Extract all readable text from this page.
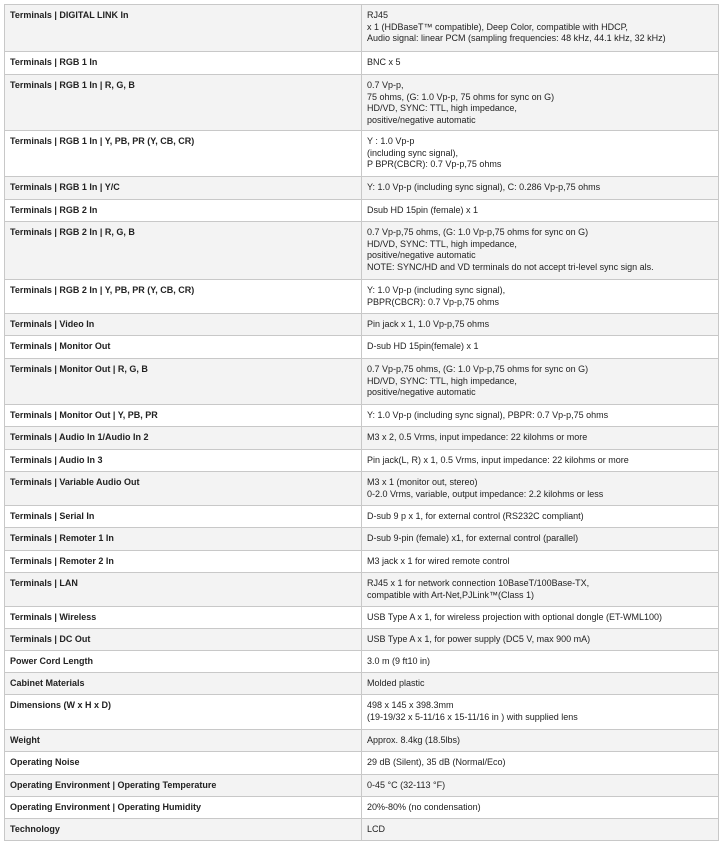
Terminals | DIGITAL LINK In	RJ45
x 1 (HDBaseT™ compatible), Deep Color, compatible with HDCP,
Audio signal: linear PCM (sampling frequencies: 48 kHz, 44.1 kHz, 32 kHz)

Terminals | RGB 1 In	BNC x 5

Terminals | RGB 1 In | R, G, B	0.7 Vp-p,
75 ohms, (G: 1.0 Vp-p, 75 ohms for sync on G)
HD/VD, SYNC: TTL, high impedance,
positive/negative automatic

Terminals | RGB 1 In | Y, PB, PR (Y, CB, CR)	Y : 1.0 Vp-p
(including sync signal),
P BPR(CBCR): 0.7 Vp-p,75 ohms

Terminals | RGB 1 In | Y/C	Y: 1.0 Vp-p (including sync signal), C: 0.286 Vp-p,75 ohms

Terminals | RGB 2 In	Dsub HD 15pin (female) x 1

Terminals | RGB 2 In | R, G, B	0.7 Vp-p,75 ohms, (G: 1.0 Vp-p,75 ohms for sync on G)
HD/VD, SYNC: TTL, high impedance,
positive/negative automatic
NOTE: SYNC/HD and VD terminals do not accept tri-level sync sign als.

Terminals | RGB 2 In | Y, PB, PR (Y, CB, CR)	Y: 1.0 Vp-p (including sync signal),
PBPR(CBCR): 0.7 Vp-p,75 ohms

Terminals | Video In	Pin jack x 1, 1.0 Vp-p,75 ohms

Terminals | Monitor Out	D-sub HD 15pin(female) x 1

Terminals | Monitor Out | R, G, B	0.7 Vp-p,75 ohms, (G: 1.0 Vp-p,75 ohms for sync on G)
HD/VD, SYNC: TTL, high impedance,
positive/negative automatic

Terminals | Monitor Out | Y, PB, PR	Y: 1.0 Vp-p (including sync signal), PBPR: 0.7 Vp-p,75 ohms

Terminals | Audio In 1/Audio In 2	M3 x 2, 0.5 Vrms, input impedance: 22 kilohms or more

Terminals | Audio In 3	Pin jack(L, R) x 1, 0.5 Vrms, input impedance: 22 kilohms or more

Terminals | Variable Audio Out	M3 x 1 (monitor out, stereo)
0-2.0 Vrms, variable, output impedance: 2.2 kilohms or less

Terminals | Serial In	D-sub 9 p x 1, for external control (RS232C compliant)

Terminals | Remoter 1 In	D-sub 9-pin (female) x1, for external control (parallel)

Terminals | Remoter 2 In	M3 jack x 1 for wired remote control

Terminals | LAN	RJ45 x 1 for network connection 10BaseT/100Base-TX,
compatible with Art-Net,PJLink™(Class 1)

Terminals | Wireless	USB Type A x 1, for wireless projection with optional dongle (ET-WML100)

Terminals | DC Out	USB Type A x 1, for power supply (DC5 V, max 900 mA)

Power Cord Length	3.0 m (9 ft10 in)

Cabinet Materials	Molded plastic

Dimensions (W x H x D)	498 x 145 x 398.3mm
(19-19/32 x 5-11/16 x 15-11/16 in ) with supplied lens

Weight	Approx. 8.4kg (18.5lbs)

Operating Noise	29 dB (Silent), 35 dB (Normal/Eco)

Operating Environment | Operating Temperature	0-45 °C (32-113 °F)

Operating Environment | Operating Humidity	20%-80% (no condensation)

Technology	LCD
